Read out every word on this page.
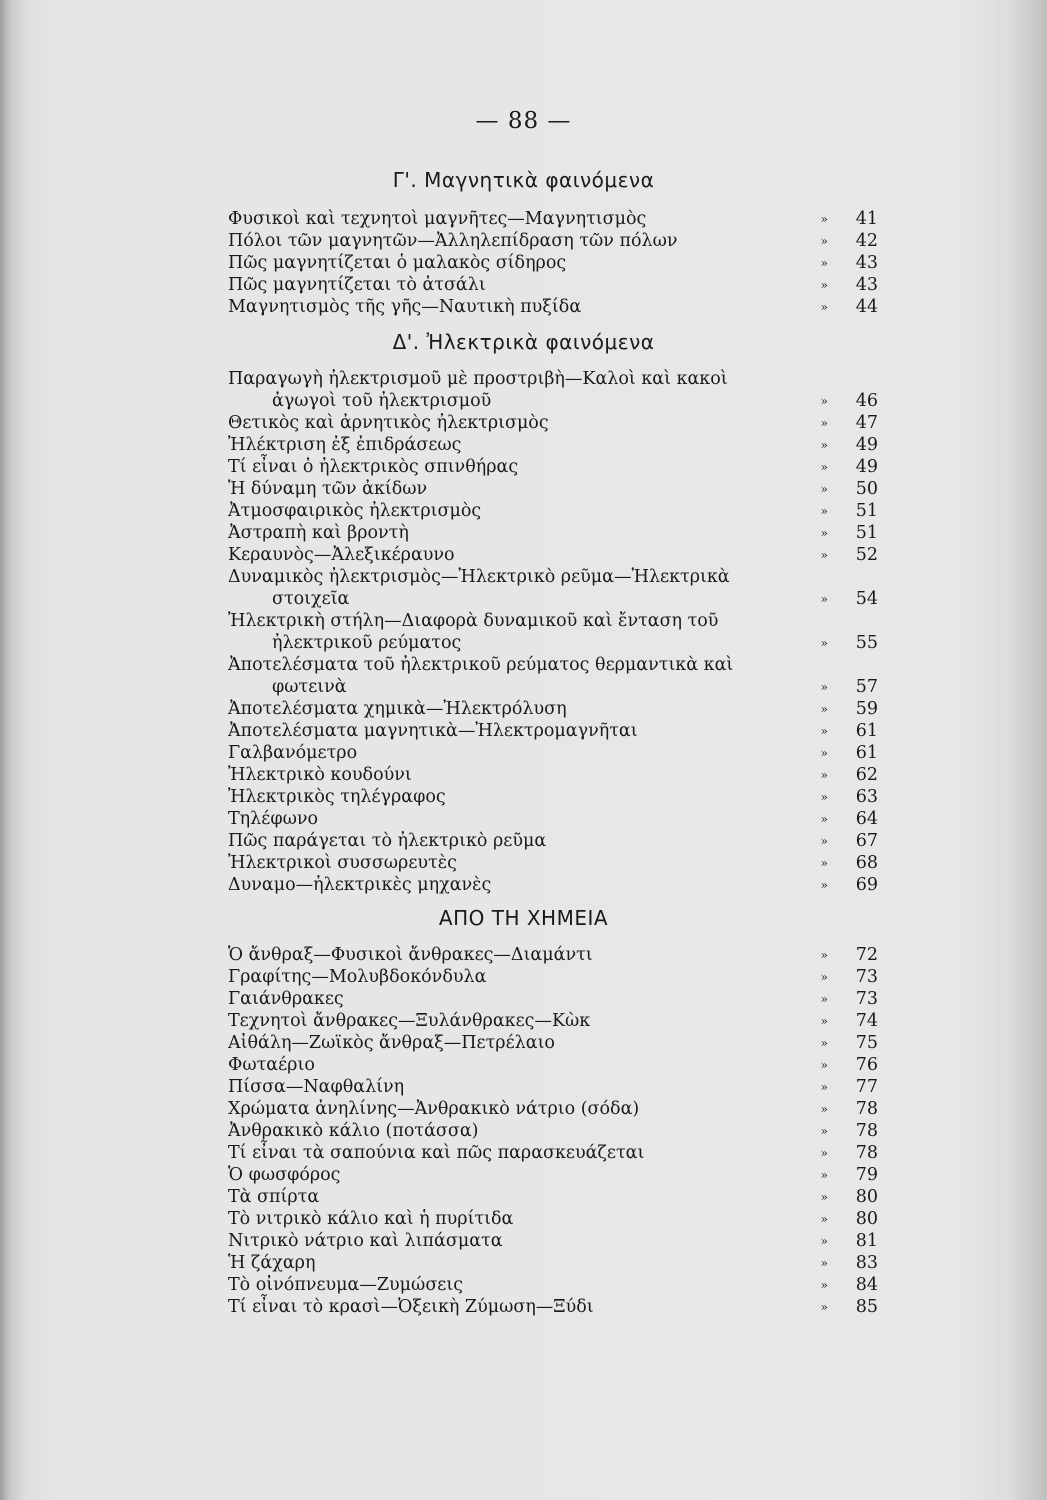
— 88 —
Γ'. Μαγνητικὰ φαινόμενα
Φυσικοὶ καὶ τεχνητοὶ μαγνῆτες—Μαγνητισμὸς	»	41
Πόλοι τῶν μαγνητῶν—Ἀλληλεπίδραση τῶν πόλων	»	42
Πῶς μαγνητίζεται ὁ μαλακὸς σίδηρος	»	43
Πῶς μαγνητίζεται τὸ ἀτσάλι	»	43
Μαγνητισμὸς τῆς γῆς—Ναυτικὴ πυξίδα	»	44
Δ'. Ἠλεκτρικὰ φαινόμενα
Παραγωγὴ ἠλεκτρισμοῦ μὲ προστριβὴ—Καλοὶ καὶ κακοὶ
ἀγωγοὶ τοῦ ἠλεκτρισμοῦ	»	46
Θετικὸς καὶ ἀρνητικὸς ἠλεκτρισμὸς	»	47
Ἠλέκτριση ἐξ ἐπιδράσεως	»	49
Τί εἶναι ὁ ἠλεκτρικὸς σπινθήρας	»	49
Ἡ δύναμη τῶν ἀκίδων	»	50
Ἀτμοσφαιρικὸς ἠλεκτρισμὸς	»	51
Ἀστραπὴ καὶ βροντὴ	»	51
Κεραυνὸς—Ἀλεξικέραυνο	»	52
Δυναμικὸς ἠλεκτρισμὸς—Ἠλεκτρικὸ ρεῦμα—Ἠλεκτρικὰ
στοιχεῖα	»	54
Ἠλεκτρικὴ στήλη—Διαφορὰ δυναμικοῦ καὶ ἔνταση τοῦ
ἠλεκτρικοῦ ρεύματος	»	55
Ἀποτελέσματα τοῦ ἠλεκτρικοῦ ρεύματος θερμαντικὰ καὶ
φωτεινὰ	»	57
Ἀποτελέσματα χημικὰ—Ἠλεκτρόλυση	»	59
Ἀποτελέσματα μαγνητικὰ—Ἠλεκτρομαγνῆται	»	61
Γαλβανόμετρο	»	61
Ἠλεκτρικὸ κουδούνι	»	62
Ἠλεκτρικὸς τηλέγραφος	»	63
Τηλέφωνο	»	64
Πῶς παράγεται τὸ ἠλεκτρικὸ ρεῦμα	»	67
Ἠλεκτρικοὶ συσσωρευτὲς	»	68
Δυναμο—ἠλεκτρικὲς μηχανὲς	»	69
ΑΠΟ ΤΗ ΧΗΜΕΙΑ
Ὁ ἄνθραξ—Φυσικοὶ ἄνθρακες—Διαμάντι	»	72
Γραφίτης—Μολυβδοκόνδυλα	»	73
Γαιάνθρακες	»	73
Τεχνητοὶ ἄνθρακες—Ξυλάνθρακες—Κὼκ	»	74
Αἰθάλη—Ζωϊκὸς ἄνθραξ—Πετρέλαιο	»	75
Φωταέριο	»	76
Πίσσα—Ναφθαλίνη	»	77
Χρώματα ἀνηλίνης—Ἀνθρακικὸ νάτριο (σόδα)	»	78
Ἀνθρακικὸ κάλιο (ποτάσσα)	»	78
Τί εἶναι τὰ σαπούνια καὶ πῶς παρασκευάζεται	»	78
Ὁ φωσφόρος	»	79
Τὰ σπίρτα	»	80
Τὸ νιτρικὸ κάλιο καὶ ἡ πυρίτιδα	»	80
Νιτρικὸ νάτριο καὶ λιπάσματα	»	81
Ἡ ζάχαρη	»	83
Τὸ οἰνόπνευμα—Ζυμώσεις	»	84
Τί εἶναι τὸ κρασὶ—Ὀξεικὴ Ζύμωση—Ξύδι	»	85
